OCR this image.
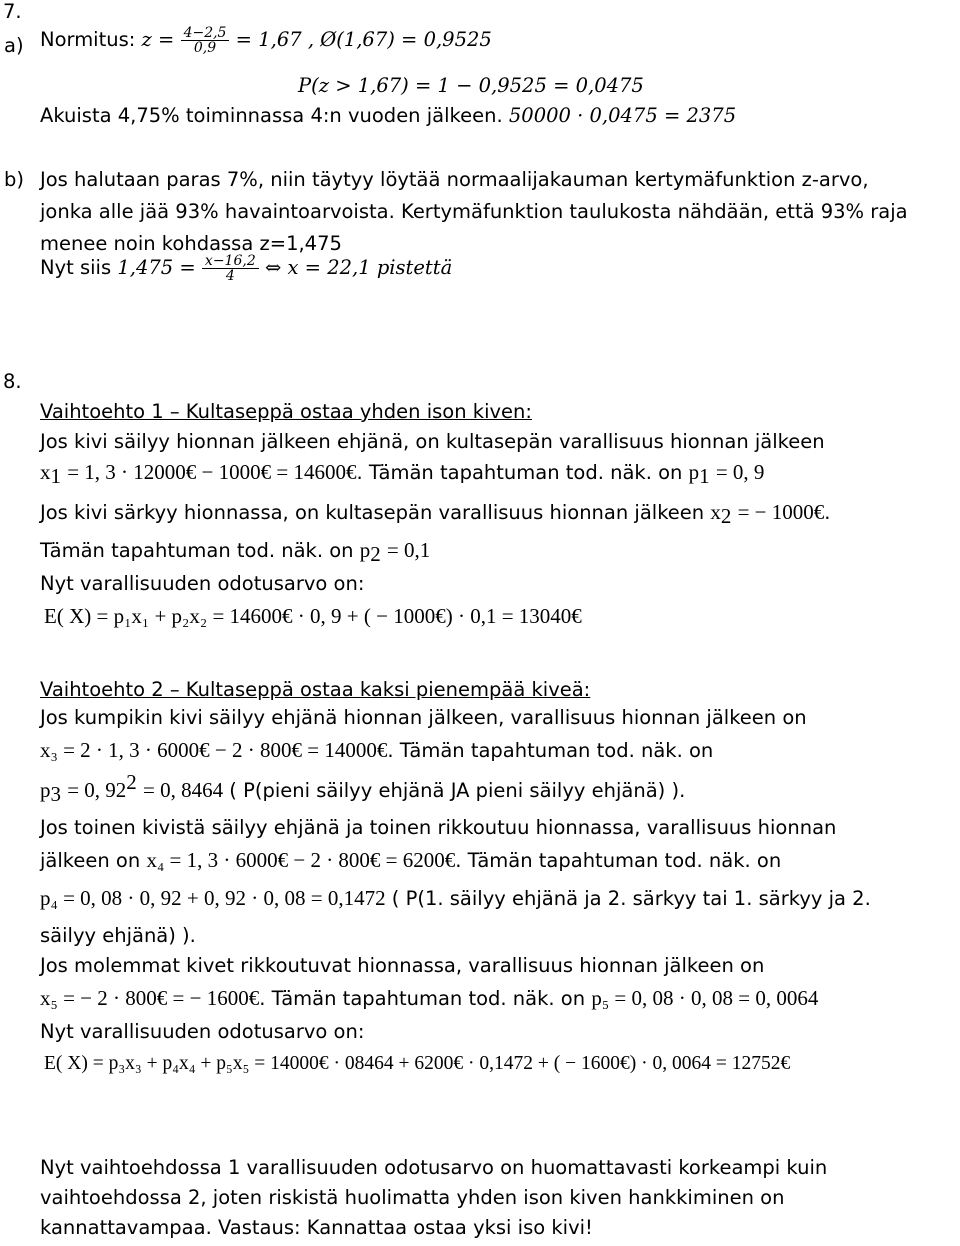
7.
a) Normitus: $z = \frac{4-2,5}{0,9} = 1,67$ , Ø(1,67) = 0,9525
P(z > 1,67) = 1 − 0,9525 = 0,0475
Akuista 4,75% toiminnassa 4:n vuoden jälkeen. 50000 · 0,0475 = 2375
b) Jos halutaan paras 7%, niin täytyy löytää normaalijakauman kertymäfunktion z-arvo,
jonka alle jää 93% havaintoarvoista. Kertymäfunktion taulukosta nähdään, että 93% raja
menee noin kohdassa z=1,475
Nyt siis $1,475 = \frac{x-16,2}{4}$ ⇔ x = 22,1 pistettä
8.
Vaihtoehto 1 – Kultaseppä ostaa yhden ison kiven:
Jos kivi säilyy hionnan jälkeen ehjänä, on kultasepän varallisuus hionnan jälkeen
$x_1 = 1$, 3 · 12000€ − 1000€ = 14600€. Tämän tapahtuman tod. näk. on $p_1 = 0$, 9
Jos kivi särkyy hionnassa, on kultasepän varallisuus hionnan jälkeen $x_2$ = − 1000€.
Tämän tapahtuman tod. näk. on $p_2 = 0,1$
Nyt varallisuuden odotusarvo on:
E( X) = p₁x₁ + p₂x₂ = 14600€ · 0, 9 + ( − 1000€) · 0,1 = 13040€
Vaihtoehto 2 – Kultaseppä ostaa kaksi pienempää kiveä:
Jos kumpikin kivi säilyy ehjänä hionnan jälkeen, varallisuus hionnan jälkeen on
x₃ = 2 · 1, 3 · 6000€ − 2 · 800€ = 14000€. Tämän tapahtuman tod. näk. on
$p_3 = 0$, $92^2 = 0$, 8464 ( P(pieni säilyy ehjänä JA pieni säilyy ehjänä) ).
Jos toinen kivistä säilyy ehjänä ja toinen rikkoutuu hionnassa, varallisuus hionnan
jälkeen on x₄ = 1, 3 · 6000€ − 2 · 800€ = 6200€. Tämän tapahtuman tod. näk. on
p₄ = 0, 08 · 0, 92 + 0, 92 · 0, 08 = 0,1472 ( P(1. säilyy ehjänä ja 2. särkyy tai 1. särkyy ja 2.
säilyy ehjänä) ).
Jos molemmat kivet rikkoutuvat hionnassa, varallisuus hionnan jälkeen on
x₅ = − 2 · 800€ = − 1600€. Tämän tapahtuman tod. näk. on p₅ = 0, 08 · 0, 08 = 0, 0064
Nyt varallisuuden odotusarvo on:
E( X) = p₃x₃ + p₄x₄ + p₅x₅ = 14000€ · 08464 + 6200€ · 0,1472 + ( − 1600€) · 0, 0064 = 12752€
Nyt vaihtoehdossa 1 varallisuuden odotusarvo on huomattavasti korkeampi kuin
vaihtoehdossa 2, joten riskistä huolimatta yhden ison kiven hankkiminen on
kannattavampaa. Vastaus: Kannattaa ostaa yksi iso kivi!
